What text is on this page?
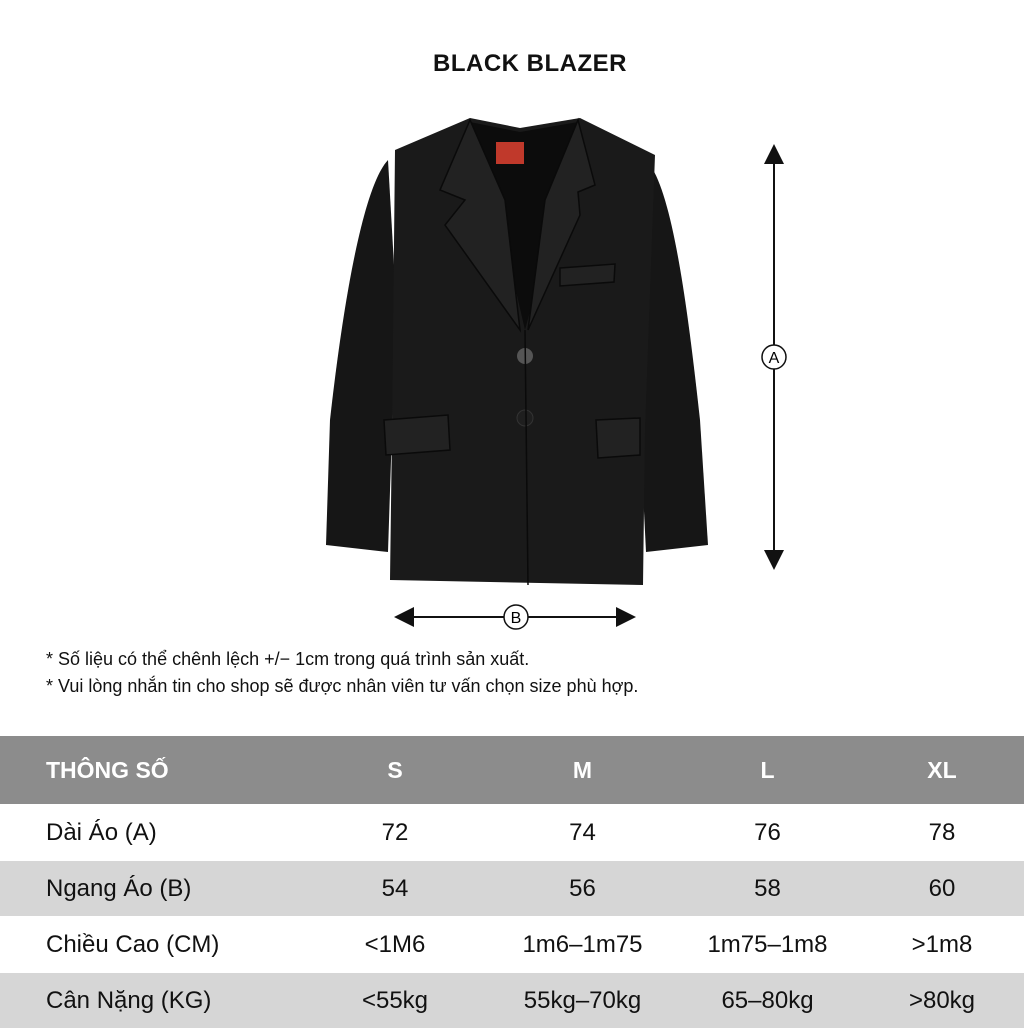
BLACK BLAZER
A
B
* Số liệu có thể chênh lệch +/− 1cm trong quá trình sản xuất.
* Vui lòng nhắn tin cho shop sẽ được nhân viên tư vấn chọn size phù hợp.
THÔNG SỐ	S	M	L	XL
Dài Áo (A)	72	74	76	78
Ngang Áo (B)	54	56	58	60
Chiều Cao (CM)	<1M6	1m6–1m75	1m75–1m8	>1m8
Cân Nặng (KG)	<55kg	55kg–70kg	65–80kg	>80kg
